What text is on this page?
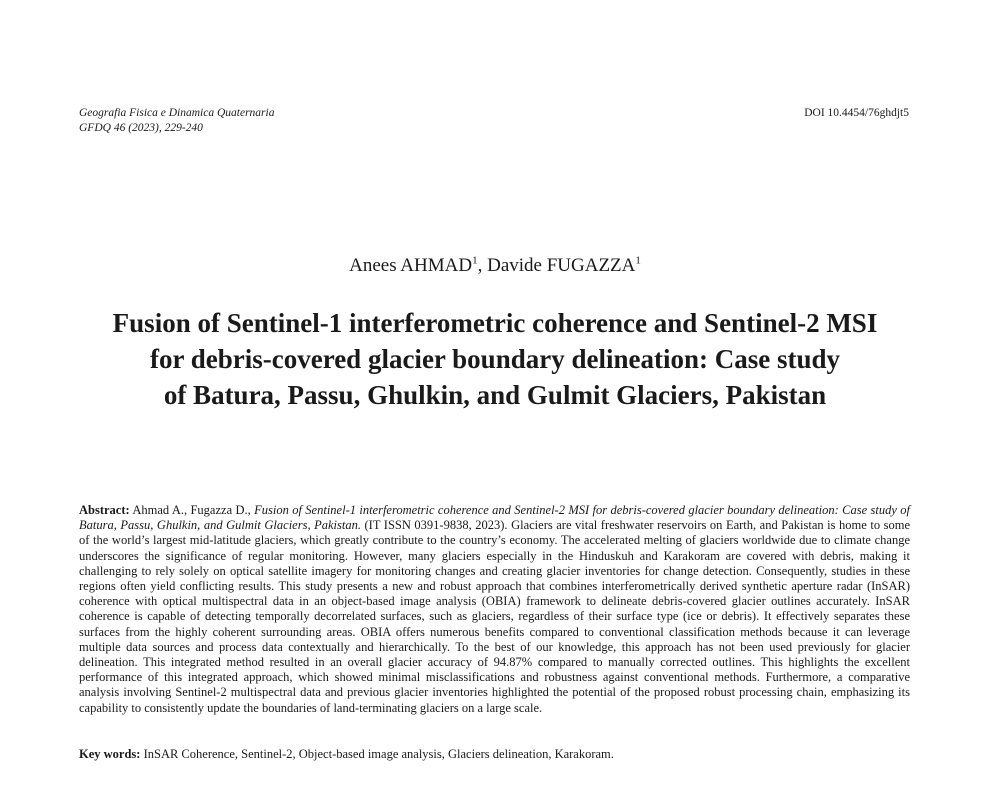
Geografia Fisica e Dinamica Quaternaria
GFDQ 46 (2023), 229-240
DOI 10.4454/76ghdjt5
Anees AHMAD$^1$, Davide FUGAZZA$^1$
Fusion of Sentinel-1 interferometric coherence and Sentinel-2 MSI
for debris-covered glacier boundary delineation: Case study
of Batura, Passu, Ghulkin, and Gulmit Glaciers, Pakistan
Abstract: Ahmad A., Fugazza D., Fusion of Sentinel-1 interferometric coherence and Sentinel-2 MSI for debris-covered glacier boundary delineation: Case study of Batura, Passu, Ghulkin, and Gulmit Glaciers, Pakistan. (IT ISSN 0391-9838, 2023). Glaciers are vital freshwater reservoirs on Earth, and Pakistan is home to some of the world’s largest mid-latitude glaciers, which greatly contribute to the country’s economy. The accelerated melting of glaciers worldwide due to climate change underscores the significance of regular monitoring. However, many glaciers especially in the Hinduskuh and Karakoram are covered with debris, making it challenging to rely solely on optical satellite imagery for monitoring changes and creating glacier inventories for change detection. Consequently, studies in these regions often yield conflicting results. This study presents a new and robust approach that combines interferometrically derived synthetic aperture radar (InSAR) coherence with optical multispectral data in an object-based image analysis (OBIA) framework to delineate debris-covered glacier outlines accurately. InSAR coherence is capable of detecting temporally decorrelated surfaces, such as glaciers, regardless of their surface type (ice or debris). It effectively separates these surfaces from the highly coherent surrounding areas. OBIA offers numerous benefits compared to conventional classification methods because it can leverage multiple data sources and process data contextually and hierarchically. To the best of our knowledge, this approach has not been used previously for glacier delineation. This integrated method resulted in an overall glacier accuracy of 94.87% compared to manually corrected outlines. This highlights the excellent performance of this integrated approach, which showed minimal misclassifications and robustness against conventional methods. Furthermore, a comparative analysis involving Sentinel-2 multispectral data and previous glacier inventories highlighted the potential of the proposed robust processing chain, emphasizing its capability to consistently update the boundaries of land-terminating glaciers on a large scale.
Key words: InSAR Coherence, Sentinel-2, Object-based image analysis, Glaciers delineation, Karakoram.
